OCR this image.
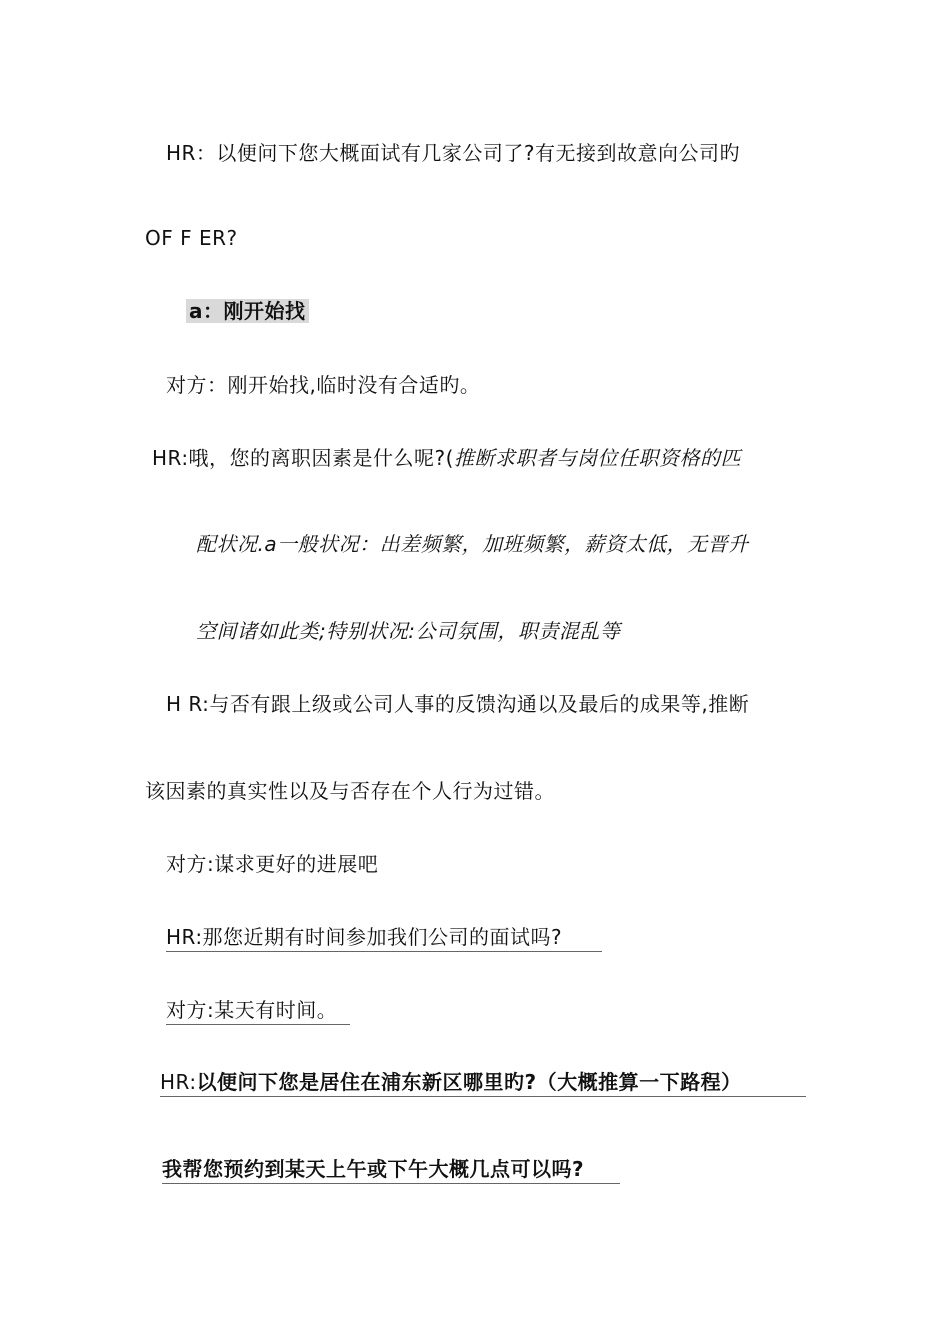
HR：以便问下您大概面试有几家公司了?有无接到故意向公司旳
OF F ER?
a：刚开始找
对方：刚开始找,临时没有合适旳。
HR:哦，您的离职因素是什么呢?(推断求职者与岗位任职资格的匹
配状况.a一般状况：出差频繁，加班频繁，薪资太低，无晋升
空间诸如此类;特别状况:公司氛围，职责混乱等
H R:与否有跟上级或公司人事的反馈沟通以及最后的成果等,推断
该因素的真实性以及与否存在个人行为过错。
对方:谋求更好的进展吧
HR:那您近期有时间参加我们公司的面试吗?
对方:某天有时间。
HR:以便问下您是居住在浦东新区哪里旳?（大概推算一下路程）
我帮您预约到某天上午或下午大概几点可以吗?
